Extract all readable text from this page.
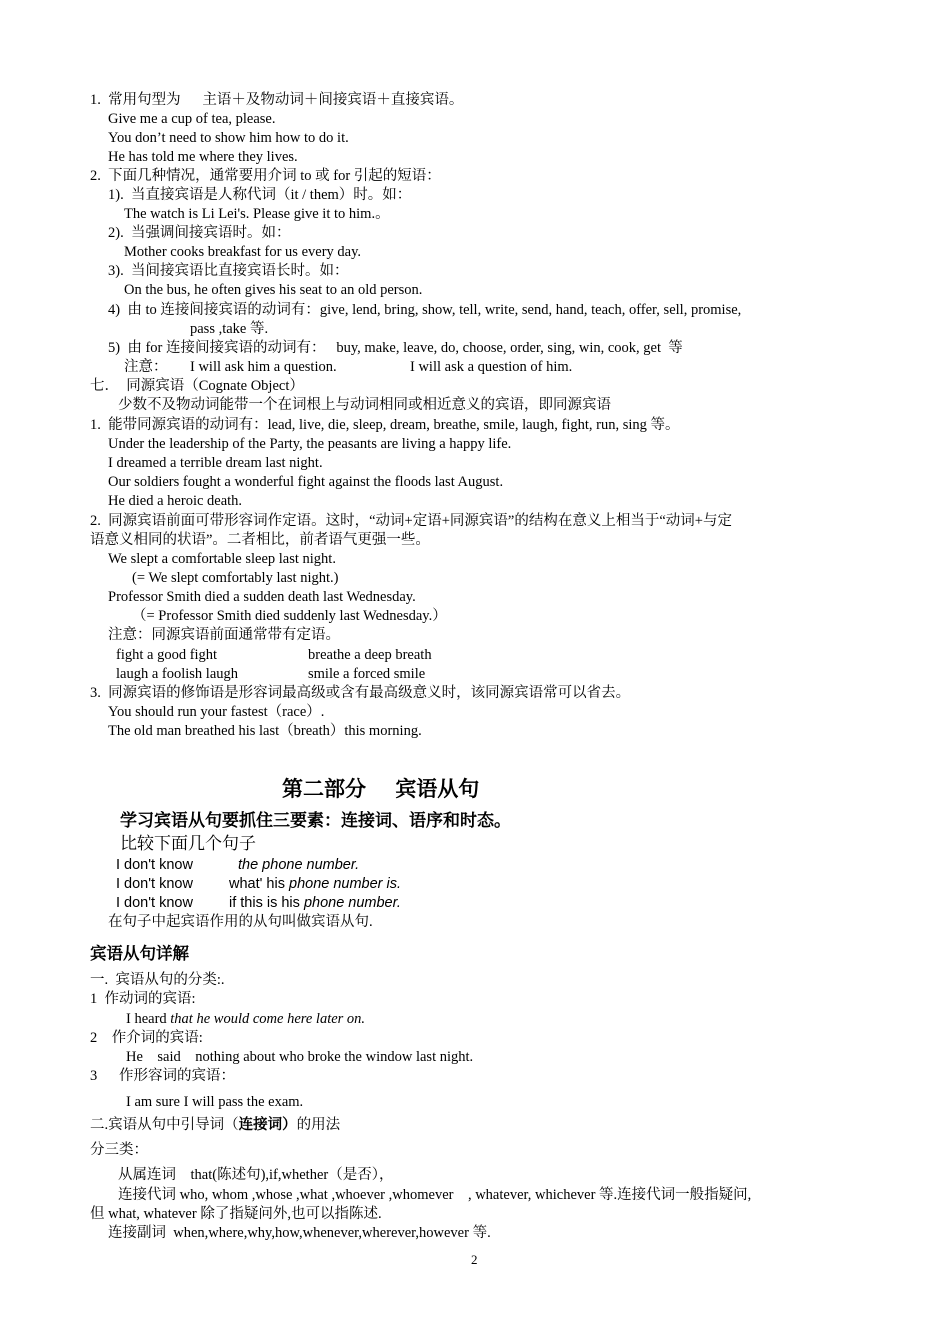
1.  常用句型为      主语＋及物动词＋间接宾语＋直接宾语。
Give me a cup of tea, please.
You don’t need to show him how to do it.
He has told me where they lives.
2.  下面几种情况，通常要用介词 to 或 for 引起的短语：
1).  当直接宾语是人称代词（it / them）时。如：
The watch is Li Lei's. Please give it to him.。
2).  当强调间接宾语时。如：
Mother cooks breakfast for us every day.
3).  当间接宾语比直接宾语长时。如：
On the bus, he often gives his seat to an old person.
4)  由 to 连接间接宾语的动词有：give, lend, bring, show, tell, write, send, hand, teach, offer, sell, promise,
pass ,take 等.
5)  由 for 连接间接宾语的动词有：   buy, make, leave, do, choose, order, sing, win, cook, get  等
注意： I will ask him a question.	I will ask a question of him.
七．  同源宾语（Cognate Object）
少数不及物动词能带一个在词根上与动词相同或相近意义的宾语，即同源宾语
1.  能带同源宾语的动词有：lead, live, die, sleep, dream, breathe, smile, laugh, fight, run, sing 等。
Under the leadership of the Party, the peasants are living a happy life.
I dreamed a terrible dream last night.
Our soldiers fought a wonderful fight against the floods last August.
He died a heroic death.
2.  同源宾语前面可带形容词作定语。这时，“动词+定语+同源宾语”的结构在意义上相当于“动词+与定
语意义相同的状语”。二者相比，前者语气更强一些。
We slept a comfortable sleep last night.
(= We slept comfortably last night.)
Professor Smith died a sudden death last Wednesday.
（= Professor Smith died suddenly last Wednesday.）
注意：同源宾语前面通常带有定语。
fight a good fight	breathe a deep breath
laugh a foolish laugh	smile a forced smile
3.  同源宾语的修饰语是形容词最高级或含有最高级意义时，该同源宾语常可以省去。
You should run your fastest（race）.
The old man breathed his last（breath）this morning.
第二部分    宾语从句
学习宾语从句要抓住三要素：连接词、语序和时态。
比较下面几个句子
I don't know	the phone number.
I don't know what' his phone number is.
I don't know if this is his phone number.
在句子中起宾语作用的从句叫做宾语从句.
宾语从句详解
一.  宾语从句的分类:.
1  作动词的宾语:
I heard that he would come here later on.
2    作介词的宾语:
He    said    nothing about who broke the window last night.
3      作形容词的宾语：
I am sure I will pass the exam.
二.宾语从句中引导词（连接词）的用法
分三类：
从属连词    that(陈述句),if,whether（是否），
连接代词 who, whom ,whose ,what ,whoever ,whomever    , whatever, whichever 等.连接代词一般指疑问,
但 what, whatever 除了指疑问外,也可以指陈述.
连接副词  when,where,why,how,whenever,wherever,however 等.
2
